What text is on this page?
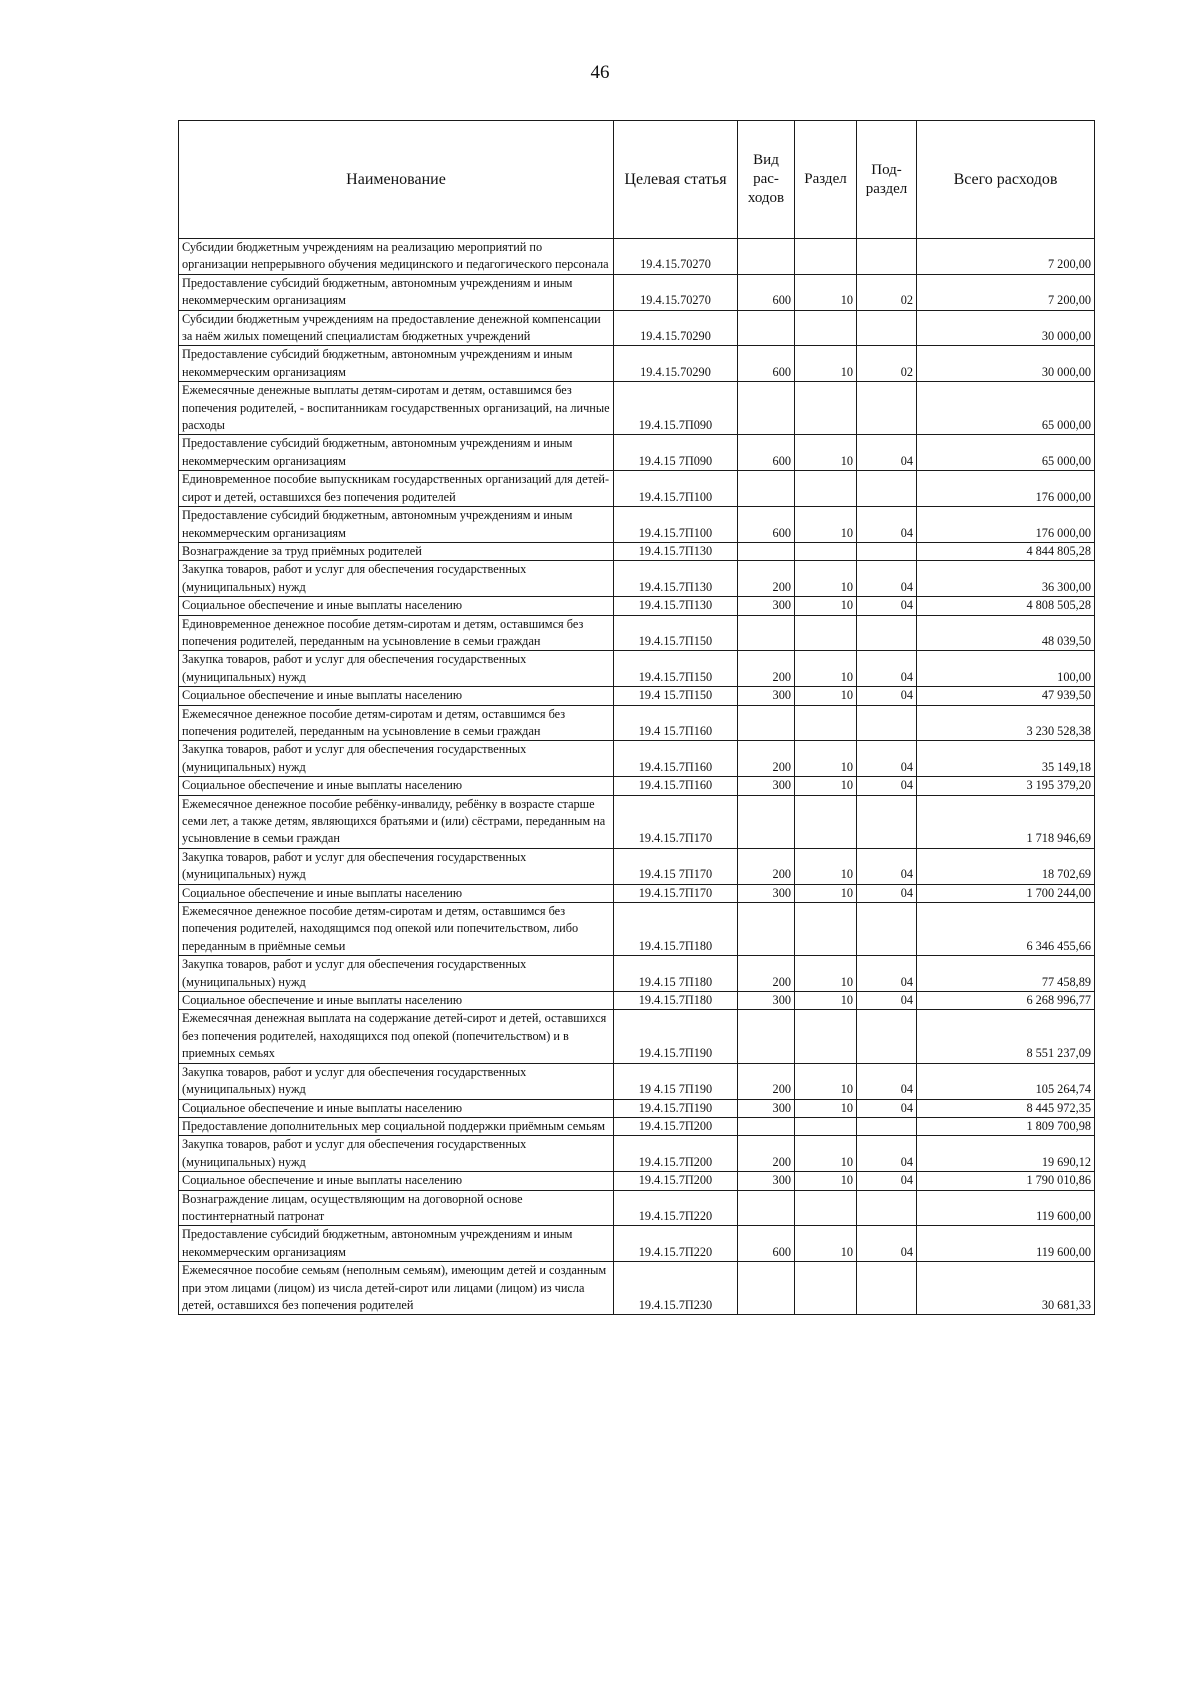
46
Наименование	Целевая статья	Вид рас- ходов	Раздел	Под- раздел	Всего расходов
Субсидии бюджетным учреждениям на реализацию мероприятий по организации непрерывного обучения медицинского и педагогического персонала	19.4.15.70270				7 200,00
Предоставление субсидий бюджетным, автономным учреждениям и иным некоммерческим организациям	19.4.15.70270	600	10	02	7 200,00
Субсидии бюджетным учреждениям на предоставление денежной компенсации за наём жилых помещений специалистам бюджетных учреждений	19.4.15.70290				30 000,00
Предоставление субсидий бюджетным, автономным учреждениям и иным некоммерческим организациям	19.4.15.70290	600	10	02	30 000,00
Ежемесячные денежные выплаты детям-сиротам и детям, оставшимся без попечения родителей, - воспитанникам государственных организаций, на личные расходы	19.4.15.7П090				65 000,00
Предоставление субсидий бюджетным, автономным учреждениям и иным некоммерческим организациям	19.4.15 7П090	600	10	04	65 000,00
Единовременное пособие выпускникам государственных организаций для детей-сирот и детей, оставшихся без попечения родителей	19.4.15.7П100				176 000,00
Предоставление субсидий бюджетным, автономным учреждениям и иным некоммерческим организациям	19.4.15.7П100	600	10	04	176 000,00
Вознаграждение за труд приёмных родителей	19.4.15.7П130				4 844 805,28
Закупка товаров, работ и услуг для обеспечения государственных (муниципальных) нужд	19.4.15.7П130	200	10	04	36 300,00
Социальное обеспечение и иные выплаты населению	19.4.15.7П130	300	10	04	4 808 505,28
Единовременное денежное пособие детям-сиротам и детям, оставшимся без попечения родителей, переданным на усыновление в семьи граждан	19.4.15.7П150				48 039,50
Закупка товаров, работ и услуг для обеспечения государственных (муниципальных) нужд	19.4.15.7П150	200	10	04	100,00
Социальное обеспечение и иные выплаты населению	19.4 15.7П150	300	10	04	47 939,50
Ежемесячное денежное пособие детям-сиротам и детям, оставшимся без попечения родителей, переданным на усыновление в семьи граждан	19.4 15.7П160				3 230 528,38
Закупка товаров, работ и услуг для обеспечения государственных (муниципальных) нужд	19.4.15.7П160	200	10	04	35 149,18
Социальное обеспечение и иные выплаты населению	19.4.15.7П160	300	10	04	3 195 379,20
Ежемесячное денежное пособие ребёнку-инвалиду, ребёнку в возрасте старше семи лет, а также детям, являющихся братьями и (или) сёстрами, переданным на усыновление в семьи граждан	19.4.15.7П170				1 718 946,69
Закупка товаров, работ и услуг для обеспечения государственных (муниципальных) нужд	19.4.15 7П170	200	10	04	18 702,69
Социальное обеспечение и иные выплаты населению	19.4.15.7П170	300	10	04	1 700 244,00
Ежемесячное денежное пособие детям-сиротам и детям, оставшимся без попечения родителей, находящимся под опекой или попечительством, либо переданным в приёмные семьи	19.4.15.7П180				6 346 455,66
Закупка товаров, работ и услуг для обеспечения государственных (муниципальных) нужд	19.4.15 7П180	200	10	04	77 458,89
Социальное обеспечение и иные выплаты населению	19.4.15.7П180	300	10	04	6 268 996,77
Ежемесячная денежная выплата на содержание детей-сирот и детей, оставшихся без попечения родителей, находящихся под опекой (попечительством) и в приемных семьях	19.4.15.7П190				8 551 237,09
Закупка товаров, работ и услуг для обеспечения государственных (муниципальных) нужд	19 4.15 7П190	200	10	04	105 264,74
Социальное обеспечение и иные выплаты населению	19.4.15.7П190	300	10	04	8 445 972,35
Предоставление дополнительных мер социальной поддержки приёмным семьям	19.4.15.7П200				1 809 700,98
Закупка товаров, работ и услуг для обеспечения государственных (муниципальных) нужд	19.4.15.7П200	200	10	04	19 690,12
Социальное обеспечение и иные выплаты населению	19.4.15.7П200	300	10	04	1 790 010,86
Вознаграждение лицам, осуществляющим на договорной основе постинтернатный патронат	19.4.15.7П220				119 600,00
Предоставление субсидий бюджетным, автономным учреждениям и иным некоммерческим организациям	19.4.15.7П220	600	10	04	119 600,00
Ежемесячное пособие семьям (неполным семьям), имеющим детей и созданным при этом лицами (лицом) из числа детей-сирот или лицами (лицом) из числа детей, оставшихся без попечения родителей	19.4.15.7П230				30 681,33
